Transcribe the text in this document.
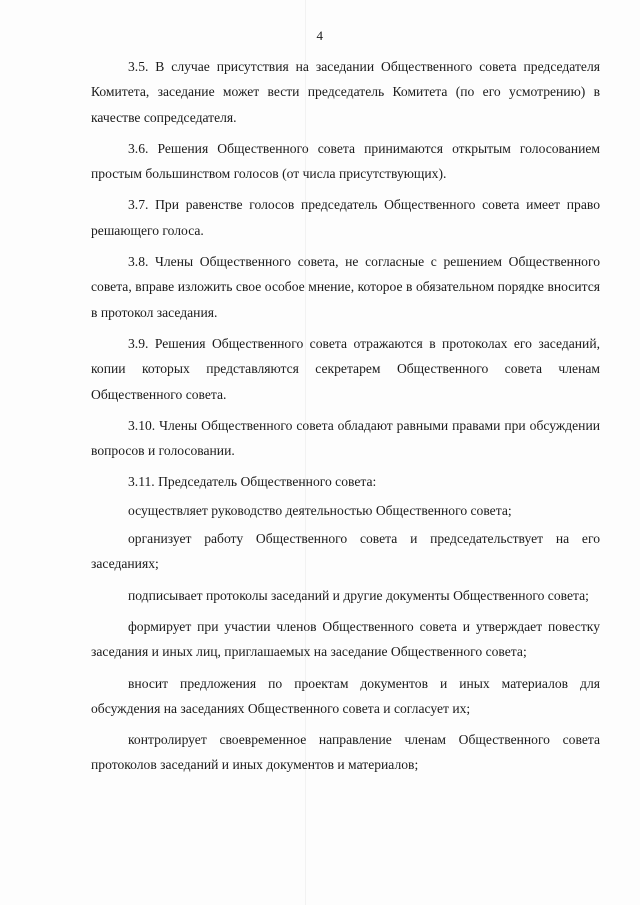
4

3.5. В случае присутствия на заседании Общественного совета председателя Комитета, заседание может вести председатель Комитета (по его усмотрению) в качестве сопредседателя.

3.6. Решения Общественного совета принимаются открытым голосованием простым большинством голосов (от числа присутствующих).

3.7. При равенстве голосов председатель Общественного совета имеет право решающего голоса.

3.8. Члены Общественного совета, не согласные с решением Общественного совета, вправе изложить свое особое мнение, которое в обязательном порядке вносится в протокол заседания.

3.9. Решения Общественного совета отражаются в протоколах его заседаний, копии которых представляются секретарем Общественного совета членам Общественного совета.

3.10. Члены Общественного совета обладают равными правами при обсуждении вопросов и голосовании.

3.11. Председатель Общественного совета:

осуществляет руководство деятельностью Общественного совета;

организует работу Общественного совета и председательствует на его заседаниях;

подписывает протоколы заседаний и другие документы Общественного совета;

формирует при участии членов Общественного совета и утверждает повестку заседания и иных лиц, приглашаемых на заседание Общественного совета;

вносит предложения по проектам документов и иных материалов для обсуждения на заседаниях Общественного совета и согласует их;

контролирует своевременное направление членам Общественного совета протоколов заседаний и иных документов и материалов;
